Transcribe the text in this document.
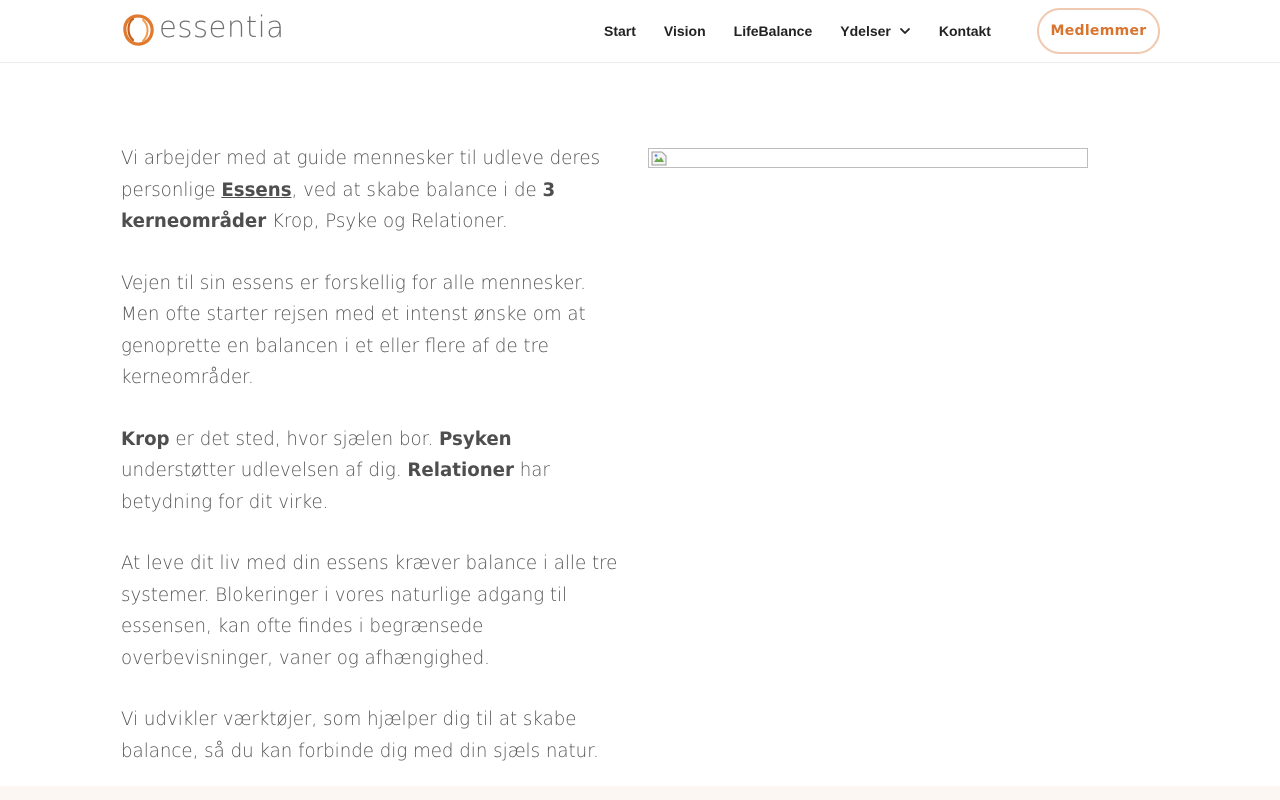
essentia	Start Vision LifeBalance Ydelser	Kontakt	Medlemmer

Vi arbejder med at guide mennesker til udleve deres personlige Essens, ved at skabe balance i de 3 kerneområder Krop, Psyke og Relationer.

Vejen til sin essens er forskellig for alle mennesker. Men ofte starter rejsen med et intenst ønske om at genoprette en balancen i et eller flere af de tre kerneområder.

Krop er det sted, hvor sjælen bor. Psyken understøtter udlevelsen af dig. Relationer har betydning for dit virke.

At leve dit liv med din essens kræver balance i alle tre systemer. Blokeringer i vores naturlige adgang til essensen, kan ofte findes i begrænsede overbevisninger, vaner og afhængighed.

Vi udvikler værktøjer, som hjælper dig til at skabe balance, så du kan forbinde dig med din sjæls natur.
